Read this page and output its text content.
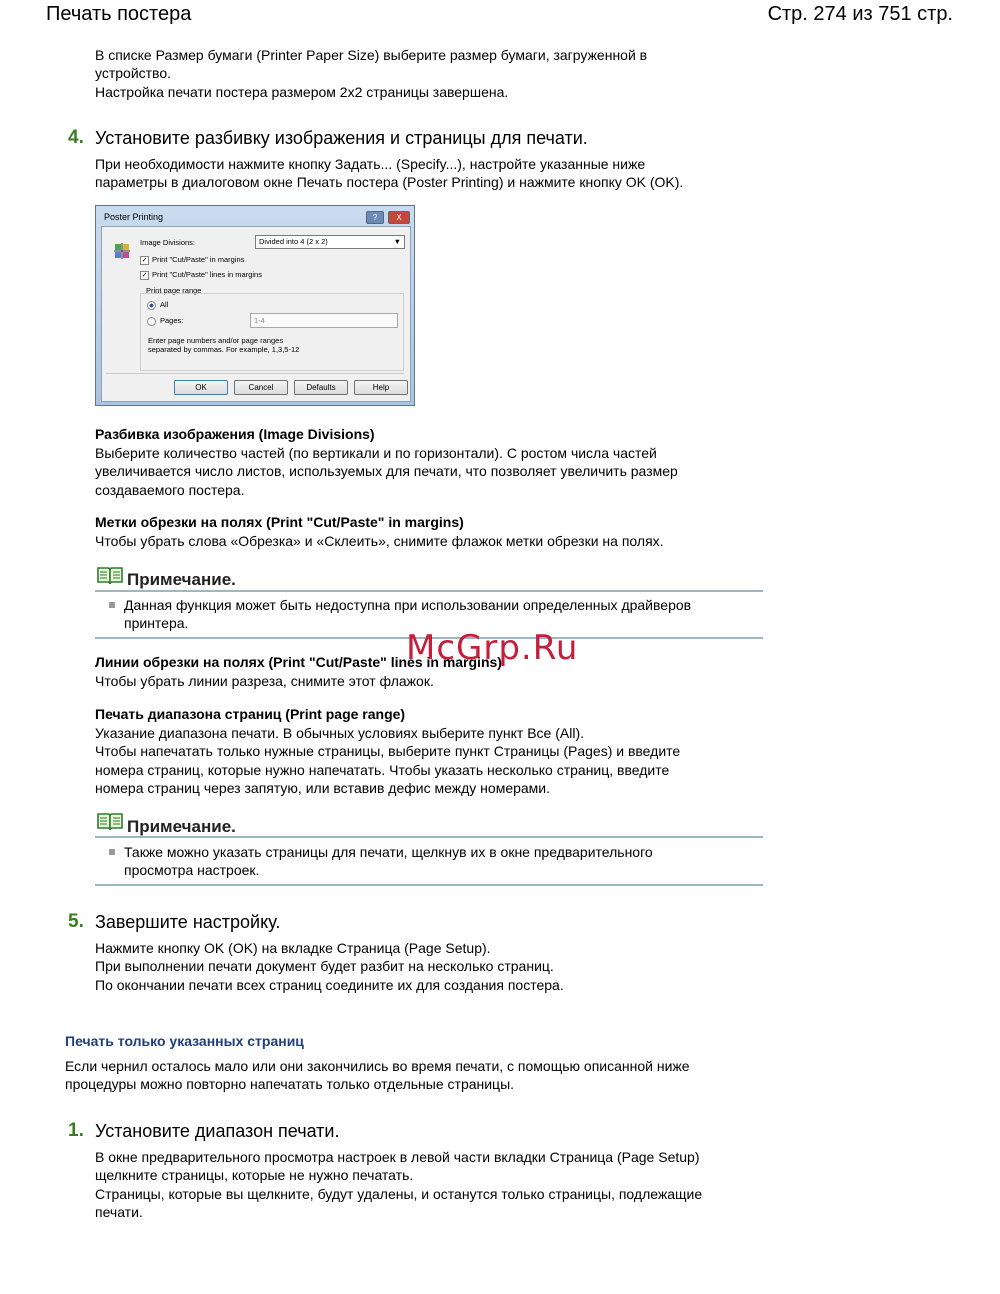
Печать постера	Стр. 274 из 751 стр.
В списке Размер бумаги (Printer Paper Size) выберите размер бумаги, загруженной в
устройство.
Настройка печати постера размером 2x2 страницы завершена.
4. Установите разбивку изображения и страницы для печати.
При необходимости нажмите кнопку Задать... (Specify...), настройте указанные ниже
параметры в диалоговом окне Печать постера (Poster Printing) и нажмите кнопку OK (OK).
Poster Printing	?	X
Image Divisions:	Divided into 4 (2 x 2)	▼
✓ Print "Cut/Paste" in margins
✓ Print "Cut/Paste" lines in margins
Print page range
All
Pages:	1-4
Enter page numbers and/or page ranges
separated by commas. For example, 1,3,5-12
OK	Cancel	Defaults	Help
Разбивка изображения (Image Divisions)
Выберите количество частей (по вертикали и по горизонтали). С ростом числа частей
увеличивается число листов, используемых для печати, что позволяет увеличить размер
создаваемого постера.
Метки обрезки на полях (Print "Cut/Paste" in margins)
Чтобы убрать слова «Обрезка» и «Склеить», снимите флажок метки обрезки на полях.
Примечание.
Данная функция может быть недоступна при использовании определенных драйверов
принтера.
Линии обрезки на полях (Print "Cut/Paste" lines in margins)
Чтобы убрать линии разреза, снимите этот флажок.
McGrp.Ru
Печать диапазона страниц (Print page range)
Указание диапазона печати. В обычных условиях выберите пункт Все (All).
Чтобы напечатать только нужные страницы, выберите пункт Страницы (Pages) и введите
номера страниц, которые нужно напечатать. Чтобы указать несколько страниц, введите
номера страниц через запятую, или вставив дефис между номерами.
Примечание.
Также можно указать страницы для печати, щелкнув их в окне предварительного
просмотра настроек.
5. Завершите настройку.
Нажмите кнопку OK (OK) на вкладке Страница (Page Setup).
При выполнении печати документ будет разбит на несколько страниц.
По окончании печати всех страниц соедините их для создания постера.
Печать только указанных страниц
Если чернил осталось мало или они закончились во время печати, с помощью описанной ниже
процедуры можно повторно напечатать только отдельные страницы.
1. Установите диапазон печати.
В окне предварительного просмотра настроек в левой части вкладки Страница (Page Setup)
щелкните страницы, которые не нужно печатать.
Страницы, которые вы щелкните, будут удалены, и останутся только страницы, подлежащие
печати.
